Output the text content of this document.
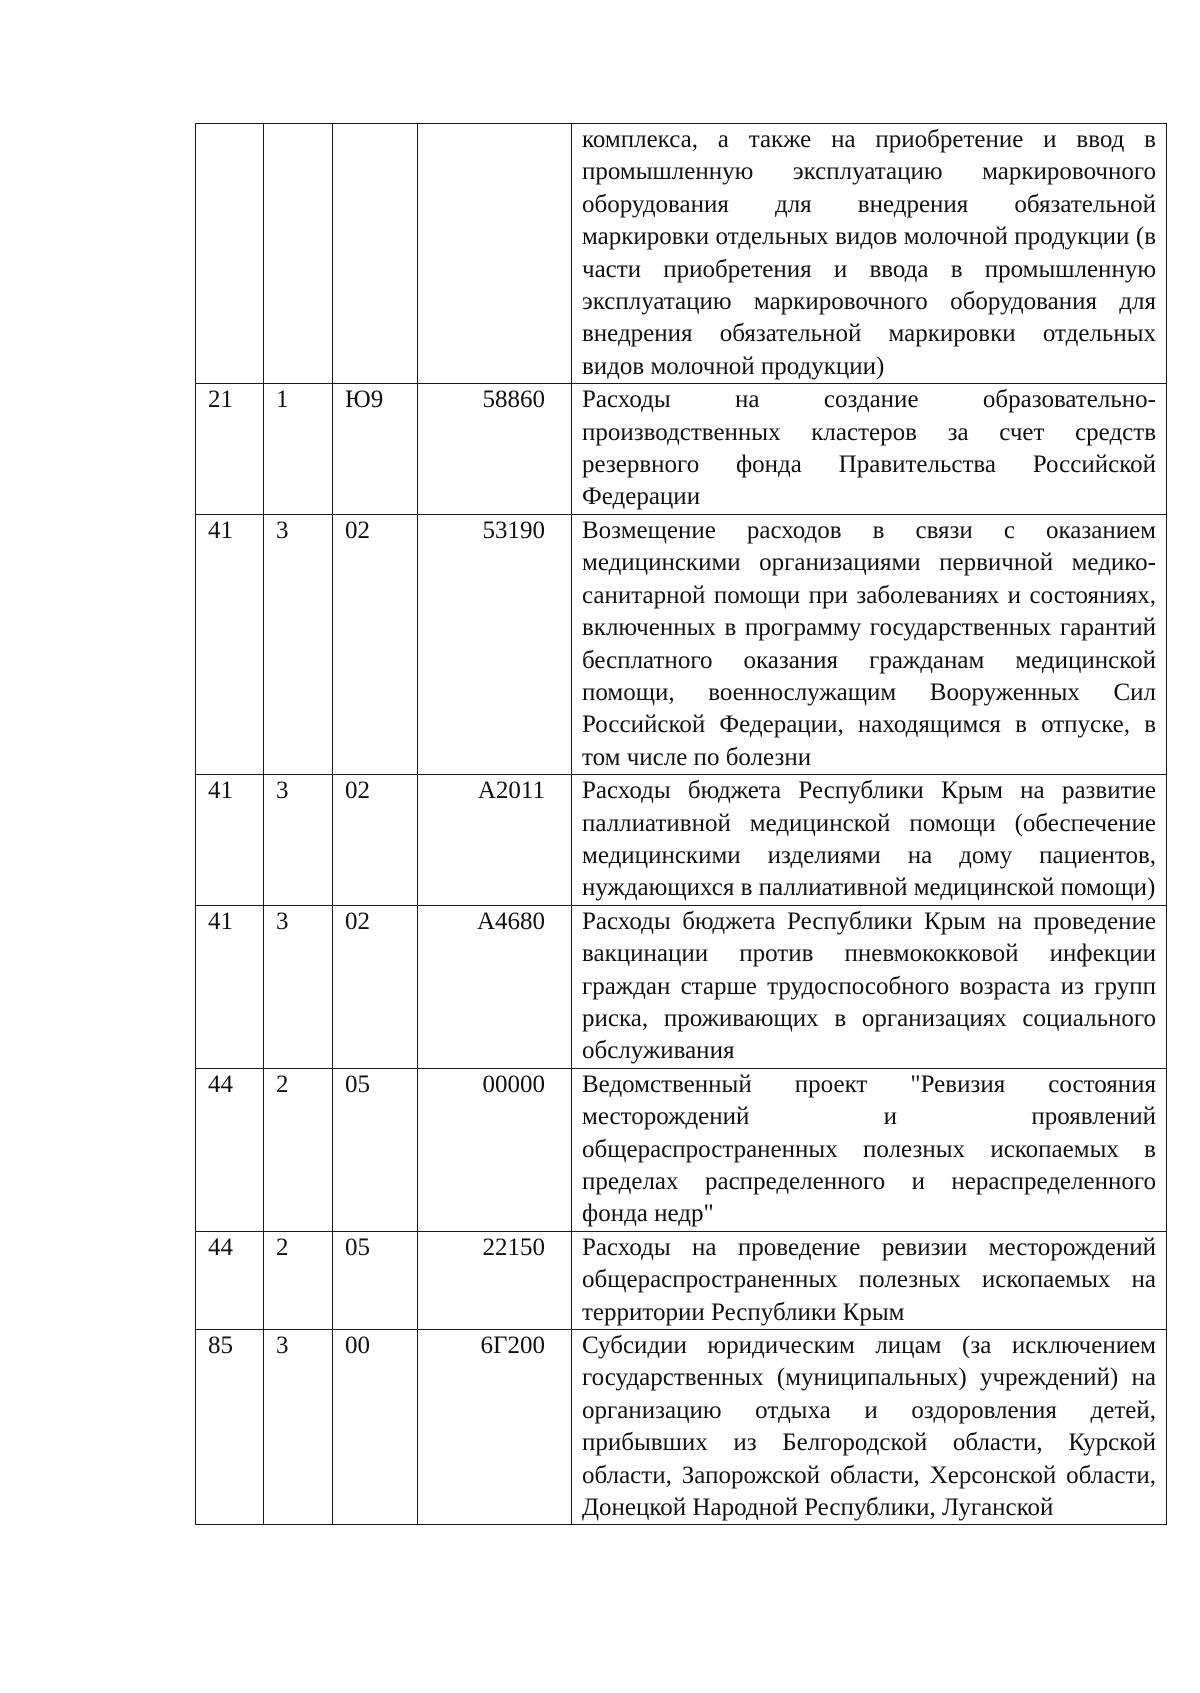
				комплекса, а также на приобретение и ввод в промышленную эксплуатацию маркировочного оборудования для внедрения обязательной маркировки отдельных видов молочной продукции (в части приобретения и ввода в промышленную эксплуатацию маркировочного оборудования для внедрения обязательной маркировки отдельных видов молочной продукции)
21	1	Ю9	58860	Расходы на создание образовательно-производственных кластеров за счет средств резервного фонда Правительства Российской Федерации
41	3	02	53190	Возмещение расходов в связи с оказанием медицинскими организациями первичной медико-санитарной помощи при заболеваниях и состояниях, включенных в программу государственных гарантий бесплатного оказания гражданам медицинской помощи, военнослужащим Вооруженных Сил Российской Федерации, находящимся в отпуске, в том числе по болезни
41	3	02	А2011	Расходы бюджета Республики Крым на развитие паллиативной медицинской помощи (обеспечение медицинскими изделиями на дому пациентов, нуждающихся в паллиативной медицинской помощи)
41	3	02	А4680	Расходы бюджета Республики Крым на проведение вакцинации против пневмококковой инфекции граждан старше трудоспособного возраста из групп риска, проживающих в организациях социального обслуживания
44	2	05	00000	Ведомственный проект "Ревизия состояния месторождений и проявлений общераспространенных полезных ископаемых в пределах распределенного и нераспределенного фонда недр"
44	2	05	22150	Расходы на проведение ревизии месторождений общераспространенных полезных ископаемых на территории Республики Крым
85	3	00	6Г200	Субсидии юридическим лицам (за исключением государственных (муниципальных) учреждений) на организацию отдыха и оздоровления детей, прибывших из Белгородской области, Курской области, Запорожской области, Херсонской области, Донецкой Народной Республики, Луганской
